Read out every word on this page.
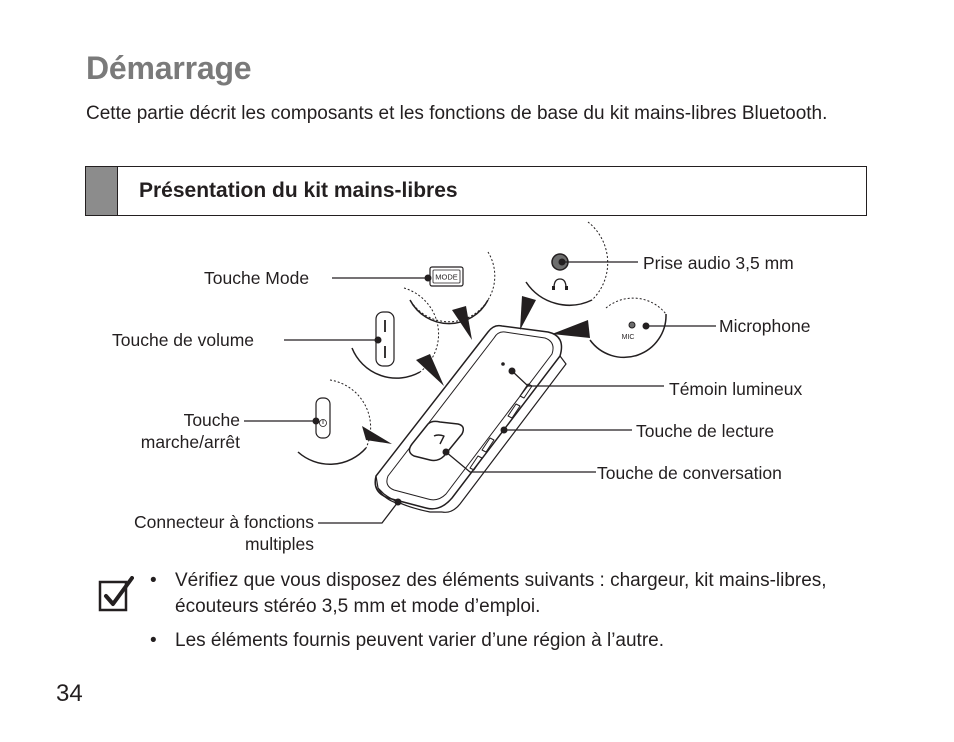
Démarrage
Cette partie décrit les composants et les fonctions de base du kit mains-libres Bluetooth.
Présentation du kit mains-libres
MODE
MIC
Touche Mode
Touche de volume
Touche
marche/arrêt
Connecteur à fonctions
multiples
Prise audio 3,5 mm
Microphone
Témoin lumineux
Touche de lecture
Touche de conversation
• Vérifiez que vous disposez des éléments suivants : chargeur, kit mains-libres, écouteurs stéréo 3,5 mm et mode d’emploi.
• Les éléments fournis peuvent varier d’une région à l’autre.
34
